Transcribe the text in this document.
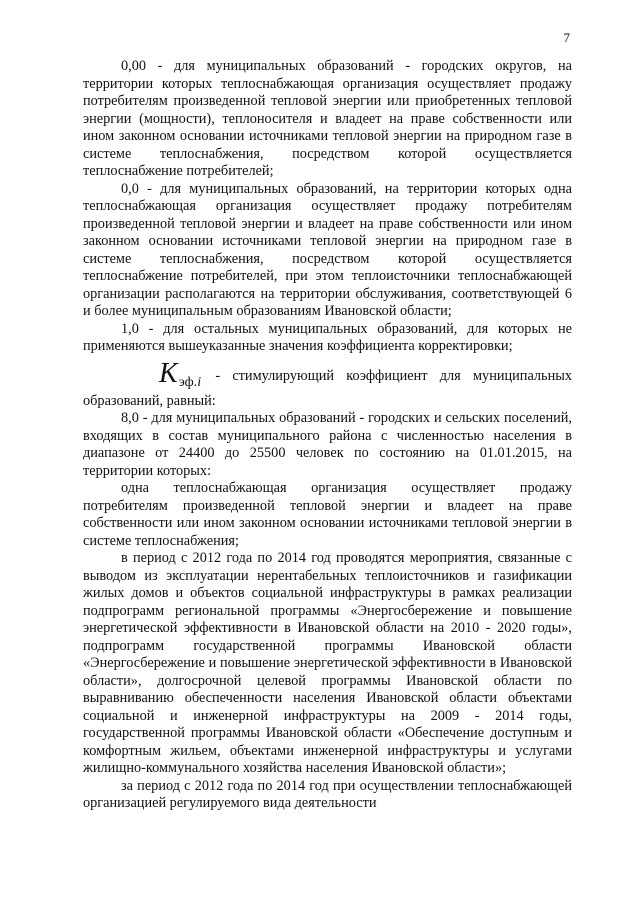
7

0,00 - для муниципальных образований - городских округов, на территории которых теплоснабжающая организация осуществляет продажу потребителям произведенной тепловой энергии или приобретенных тепловой энергии (мощности), теплоносителя и владеет на праве собственности или ином законном основании источниками тепловой энергии на природном газе в системе теплоснабжения, посредством которой осуществляется теплоснабжение потребителей;

0,0 - для муниципальных образований, на территории которых одна теплоснабжающая организация осуществляет продажу потребителям произведенной тепловой энергии и владеет на праве собственности или ином законном основании источниками тепловой энергии на природном газе в системе теплоснабжения, посредством которой осуществляется теплоснабжение потребителей, при этом теплоисточники теплоснабжающей организации располагаются на территории обслуживания, соответствующей 6 и более муниципальным образованиям Ивановской области;

1,0 - для остальных муниципальных образований, для которых не применяются вышеуказанные значения коэффициента корректировки;

Kэф.i - стимулирующий коэффициент для муниципальных образований, равный:

8,0 - для муниципальных образований - городских и сельских поселений, входящих в состав муниципального района с численностью населения в диапазоне от 24400 до 25500 человек по состоянию на 01.01.2015, на территории которых:

одна теплоснабжающая организация осуществляет продажу потребителям произведенной тепловой энергии и владеет на праве собственности или ином законном основании источниками тепловой энергии в системе теплоснабжения;

в период с 2012 года по 2014 год проводятся мероприятия, связанные с выводом из эксплуатации нерентабельных теплоисточников и газификации жилых домов и объектов социальной инфраструктуры в рамках реализации подпрограмм региональной программы «Энергосбережение и повышение энергетической эффективности в Ивановской области на 2010 - 2020 годы», подпрограмм государственной программы Ивановской области «Энергосбережение и повышение энергетической эффективности в Ивановской области», долгосрочной целевой программы Ивановской области по выравниванию обеспеченности населения Ивановской области объектами социальной и инженерной инфраструктуры на 2009 - 2014 годы, государственной программы Ивановской области «Обеспечение доступным и комфортным жильем, объектами инженерной инфраструктуры и услугами жилищно-коммунального хозяйства населения Ивановской области»;

за период с 2012 года по 2014 год при осуществлении теплоснабжающей организацией регулируемого вида деятельности
